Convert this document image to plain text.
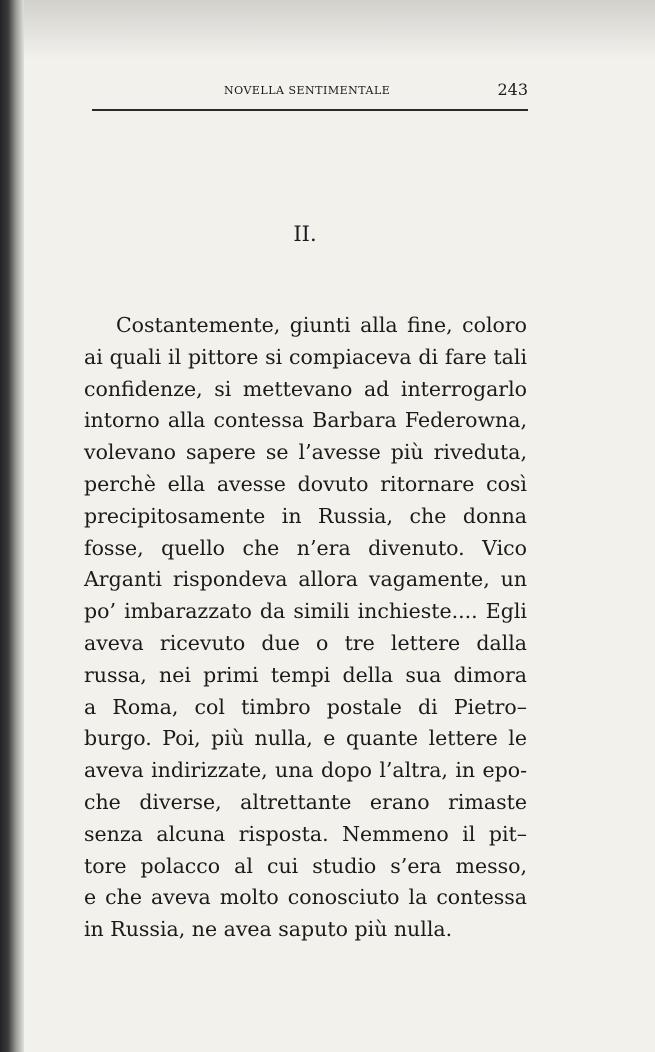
NOVELLA SENTIMENTALE	243
II.
Costantemente, giunti alla fine, coloro
ai quali il pittore si compiaceva di fare tali
confidenze, si mettevano ad interrogarlo
intorno alla contessa Barbara Federowna,
volevano sapere se l’avesse più riveduta,
perchè ella avesse dovuto ritornare così
precipitosamente in Russia, che donna
fosse, quello che n’era divenuto. Vico
Arganti rispondeva allora vagamente, un
po’ imbarazzato da simili inchieste.... Egli
aveva ricevuto due o tre lettere dalla
russa, nei primi tempi della sua dimora
a Roma, col timbro postale di Pietro–
burgo. Poi, più nulla, e quante lettere le
aveva indirizzate, una dopo l’altra, in epo-
che diverse, altrettante erano rimaste
senza alcuna risposta. Nemmeno il pit–
tore polacco al cui studio s’era messo,
e che aveva molto conosciuto la contessa
in Russia, ne avea saputo più nulla.
